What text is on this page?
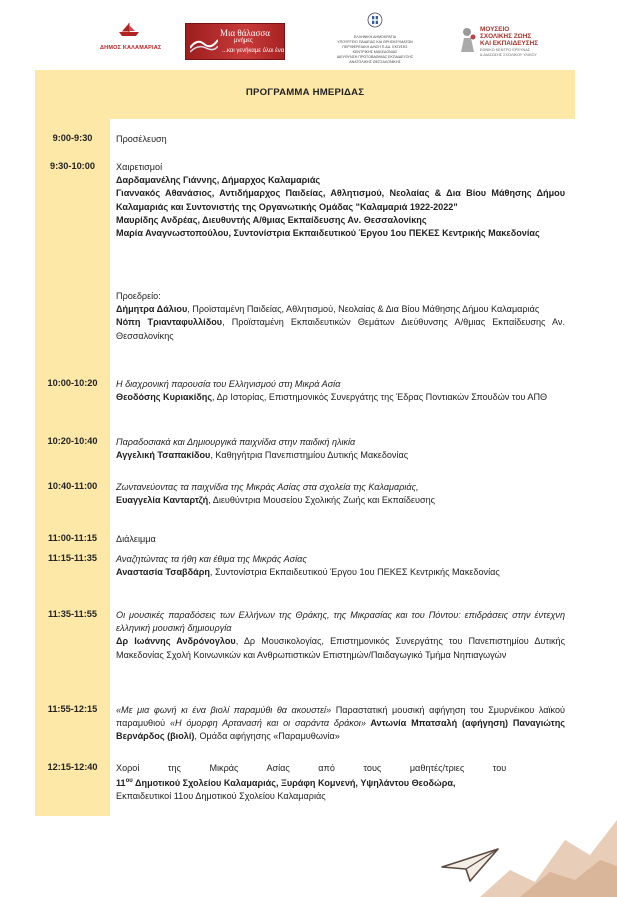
ΔΗΜΟΣ ΚΑΛΑΜΑΡΙΑΣ
Μια θάλασσα
μνήμες
...και γενήκαμε όλοι ένα
ΕΛΛΗΝΙΚΗ ΔΗΜΟΚΡΑΤΙΑ
ΥΠΟΥΡΓΕΙΟ ΠΑΙΔΕΙΑΣ ΚΑΙ ΘΡΗΣΚΕΥΜΑΤΩΝ
ΠΕΡΙΦΕΡΕΙΑΚΗ Δ/ΝΣΗ Π.&Δ. ΕΚΠ/ΣΗΣ
ΚΕΝΤΡΙΚΗΣ ΜΑΚΕΔΟΝΙΑΣ
ΔΙΕΥΘΥΝΣΗ ΠΡΩΤΟΒΑΘΜΙΑΣ ΕΚΠΑΙΔΕΥΣΗΣ
ΑΝΑΤΟΛΙΚΗΣ ΘΕΣΣΑΛΟΝΙΚΗΣ
ΜΟΥΣΕΙΟ
ΣΧΟΛΙΚΗΣ ΖΩΗΣ
ΚΑΙ ΕΚΠΑΙΔΕΥΣΗΣ
ΕΘΝΙΚΟ ΚΕΝΤΡΟ ΕΡΕΥΝΑΣ
& ΔΙΑΣΩΣΗΣ ΣΧΟΛΙΚΟΥ ΥΛΙΚΟΥ
ΠΡΟΓΡΑΜΜΑ ΗΜΕΡΙΔΑΣ
9:00-9:30	Προσέλευση
9:30-10:00	Χαιρετισμοί
Δαρδαμανέλης Γιάννης, Δήμαρχος Καλαμαριάς
Γιαννακός Αθανάσιος, Αντιδήμαρχος Παιδείας, Αθλητισμού, Νεολαίας & Δια Βίου Μάθησης Δήμου Καλαμαριάς και Συντονιστής της Οργανωτικής Ομάδας "Καλαμαριά 1922-2022"
Μαυρίδης Ανδρέας, Διευθυντής Α/θμιας Εκπαίδευσης Αν. Θεσσαλονίκης
Μαρία Αναγνωστοπούλου, Συντονίστρια Εκπαιδευτικού Έργου 1ου ΠΕΚΕΣ Κεντρικής Μακεδονίας
Προεδρείο:
Δήμητρα Δάλιου, Προϊσταμένη Παιδείας, Αθλητισμού, Νεολαίας & Δια Βίου Μάθησης Δήμου Καλαμαριάς
Νόπη Τριανταφυλλίδου, Προϊσταμένη Εκπαιδευτικών Θεμάτων Διεύθυνσης Α/θμιας Εκπαίδευσης Αν. Θεσσαλονίκης
10:00-10:20	Η διαχρονική παρουσία του Ελληνισμού στη Μικρά Ασία
Θεοδόσης Κυριακίδης, Δρ Ιστορίας, Επιστημονικός Συνεργάτης της Έδρας Ποντιακών Σπουδών του ΑΠΘ
10:20-10:40	Παραδοσιακά και Δημιουργικά παιχνίδια στην παιδική ηλικία
Αγγελική Τσαπακίδου, Καθηγήτρια Πανεπιστημίου Δυτικής Μακεδονίας
10:40-11:00	Ζωντανεύοντας τα παιχνίδια της Μικράς Ασίας στα σχολεία της Καλαμαριάς,
Ευαγγελία Κανταρτζή, Διευθύντρια Μουσείου Σχολικής Ζωής και Εκπαίδευσης
11:00-11:15	Διάλειμμα
11:15-11:35	Αναζητώντας τα ήθη και έθιμα της Μικράς Ασίας
Αναστασία Τσαβδάρη, Συντονίστρια Εκπαιδευτικού Έργου 1ου ΠΕΚΕΣ Κεντρικής Μακεδονίας
11:35-11:55	Οι μουσικές παραδόσεις των Ελλήνων της Θράκης, της Μικρασίας και του Πόντου: επιδράσεις στην έντεχνη ελληνική μουσική δημιουργία
Δρ Ιωάννης Ανδρόνογλου, Δρ Μουσικολογίας, Επιστημονικός Συνεργάτης του Πανεπιστημίου Δυτικής Μακεδονίας Σχολή Κοινωνικών και Ανθρωπιστικών Επιστημών/Παιδαγωγικό Τμήμα Νηπιαγωγών
11:55-12:15	«Με μια φωνή κι ένα βιολί παραμύθι θα ακουστεί» Παραστατική μουσική αφήγηση του Σμυρνέικου λαϊκού παραμυθιού «Η όμορφη Αρτανασή και οι σαράντα δράκοι» Αντωνία Μπατσαλή (αφήγηση) Παναγιώτης Βερνάρδος (βιολί), Ομάδα αφήγησης «Παραμυθωνία»
12:15-12:40	Χοροί της Μικράς Ασίας από τους μαθητές/τριες του
$11^{o\upsilon}$ Δημοτικού Σχολείου Καλαμαριάς, Ξυράφη Κομνενή, Υψηλάντου Θεοδώρα,
Εκπαιδευτικοί 11ου Δημοτικού Σχολείου Καλαμαριάς
